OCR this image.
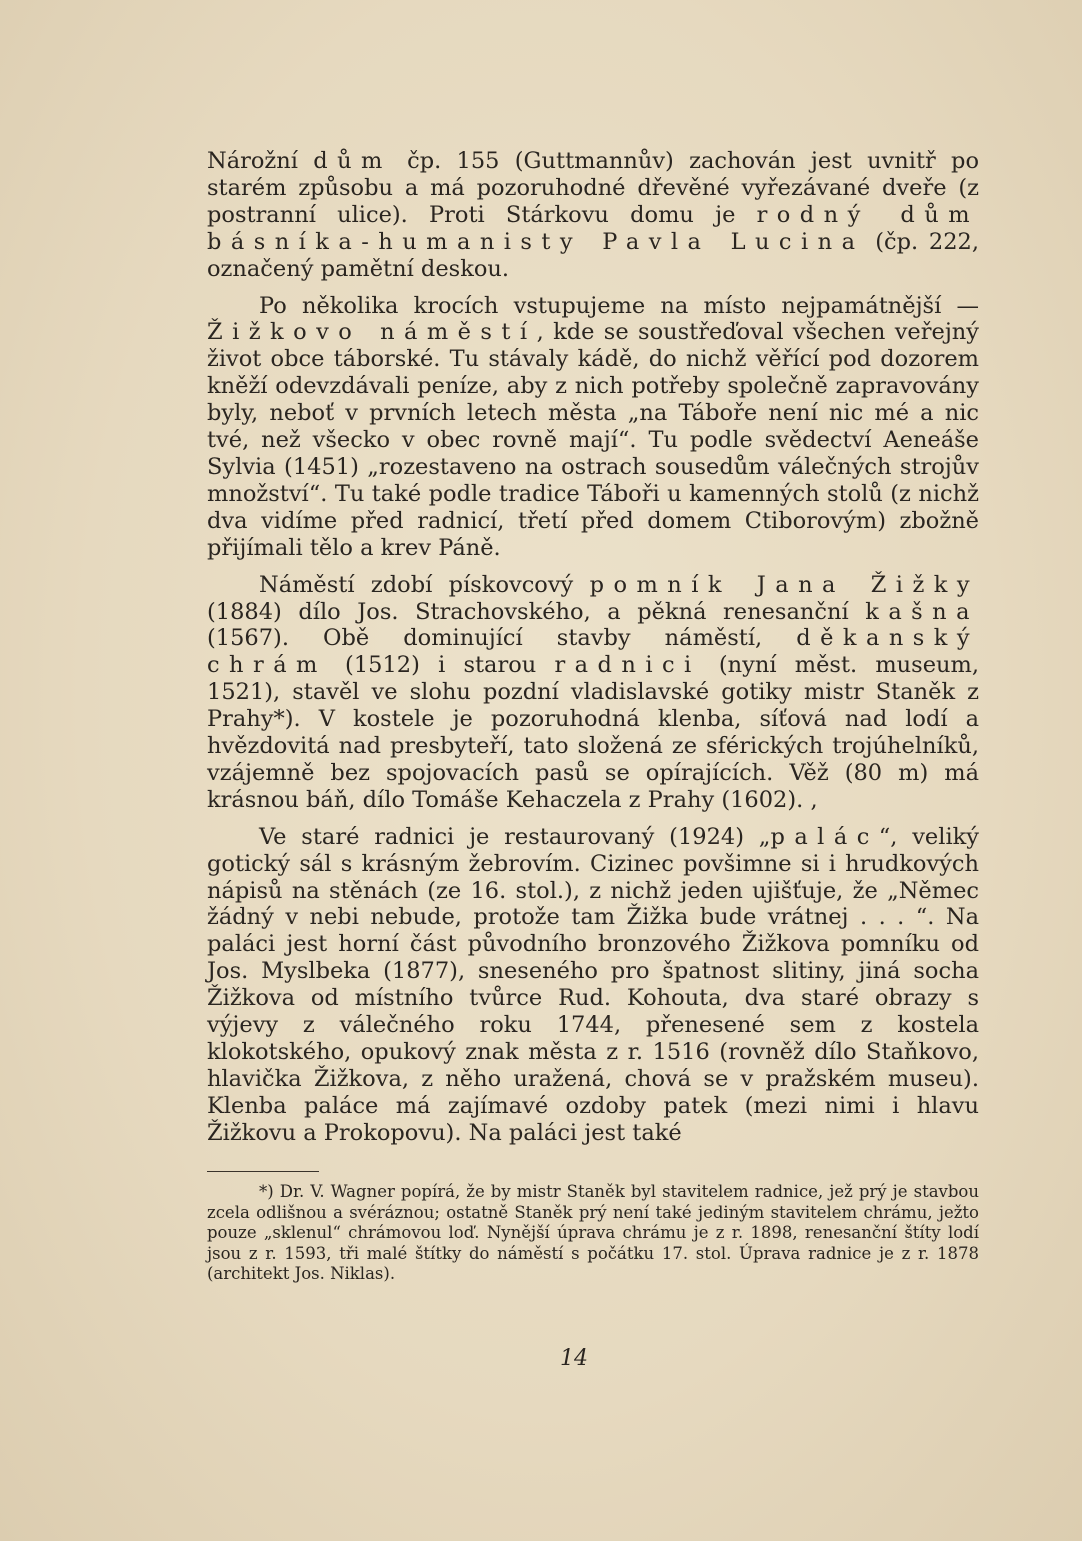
Nárožní dům čp. 155 (Guttmannův) zachován jest uvnitř po starém způsobu a má pozoruhodné dřevěné vyřezávané dveře (z postranní ulice). Proti Stárkovu domu je rodný dům básníka-humanisty Pavla Lucina (čp. 222, označený pamětní deskou.

Po několika krocích vstupujeme na místo nejpamátnější — Žižkovo náměstí, kde se soustřeďoval všechen veřejný život obce táborské. Tu stávaly kádě, do nichž věřící pod dozorem kněží odevzdávali peníze, aby z nich potřeby společně zapravovány byly, neboť v prvních letech města „na Táboře není nic mé a nic tvé, než všecko v obec rovně mají“. Tu podle svědectví Aeneáše Sylvia (1451) „rozestaveno na ostrach sousedům válečných strojův množství“. Tu také podle tradice Táboři u kamenných stolů (z nichž dva vidíme před radnicí, třetí před domem Ctiborovým) zbožně přijímali tělo a krev Páně.

Náměstí zdobí pískovcový pomník Jana Žižky (1884) dílo Jos. Strachovského, a pěkná renesanční kašna (1567). Obě dominující stavby náměstí, děkanský chrám (1512) i starou radnici (nyní měst. museum, 1521), stavěl ve slohu pozdní vladislavské gotiky mistr Staněk z Prahy*). V kostele je pozoruhodná klenba, síťová nad lodí a hvězdovitá nad presbyteří, tato složená ze sférických trojúhelníků, vzájemně bez spojovacích pasů se opírajících. Věž (80 m) má krásnou báň, dílo Tomáše Kehaczela z Prahy (1602). ,

Ve staré radnici je restaurovaný (1924) „palác“, veliký gotický sál s krásným žebrovím. Cizinec povšimne si i hrudkových nápisů na stěnách (ze 16. stol.), z nichž jeden ujišťuje, že „Němec žádný v nebi nebude, protože tam Žižka bude vrátnej . . . “. Na paláci jest horní část původního bronzového Žižkova pomníku od Jos. Myslbeka (1877), sneseného pro špatnost slitiny, jiná socha Žižkova od místního tvůrce Rud. Kohouta, dva staré obrazy s výjevy z válečného roku 1744, přenesené sem z kostela klokotského, opukový znak města z r. 1516 (rovněž dílo Staňkovo, hlavička Žižkova, z něho uražená, chová se v pražském museu). Klenba paláce má zajímavé ozdoby patek (mezi nimi i hlavu Žižkovu a Prokopovu). Na paláci jest také

*) Dr. V. Wagner popírá, že by mistr Staněk byl stavitelem radnice, jež prý je stavbou zcela odlišnou a svéráznou; ostatně Staněk prý není také jediným stavitelem chrámu, ježto pouze „sklenul“ chrámovou loď. Nynější úprava chrámu je z r. 1898, renesanční štíty lodí jsou z r. 1593, tři malé štítky do náměstí s počátku 17. stol. Úprava radnice je z r. 1878 (architekt Jos. Niklas).

14
